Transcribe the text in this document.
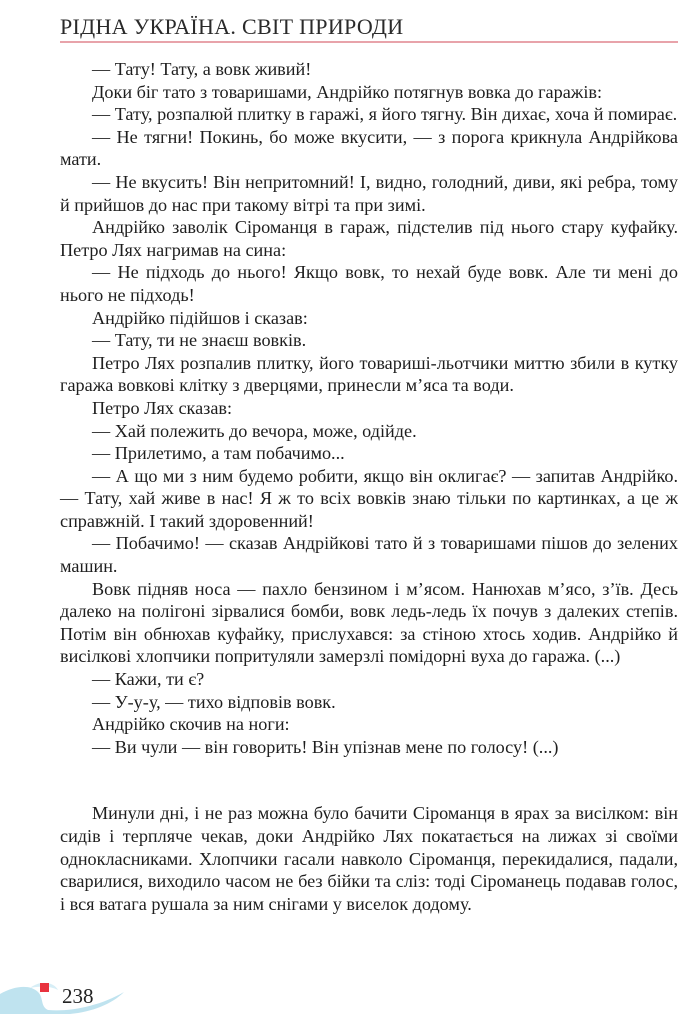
РІДНА УКРАЇНА. СВІТ ПРИРОДИ

— Тату! Тату, а вовк живий!

Доки біг тато з товаришами, Андрійко потягнув вовка до гаражів:

— Тату, розпалюй плитку в гаражі, я його тягну. Він дихає, хоча й помирає.

— Не тягни! Покинь, бо може вкусити, — з порога крикнула Андрійкова мати.

— Не вкусить! Він непритомний! І, видно, голодний, диви, які ребра, тому й прийшов до нас при такому вітрі та при зимі.

Андрійко заволік Сіроманця в гараж, підстелив під нього стару куфайку. Петро Лях нагримав на сина:

— Не підходь до нього! Якщо вовк, то нехай буде вовк. Але ти мені до нього не підходь!

Андрійко підійшов і сказав:

— Тату, ти не знаєш вовків.

Петро Лях розпалив плитку, його товариші-льотчики миттю збили в кутку гаража вовкові клітку з дверцями, принесли м’яса та води.

Петро Лях сказав:

— Хай полежить до вечора, може, одійде.

— Прилетимо, а там побачимо...

— А що ми з ним будемо робити, якщо він оклигає? — запитав Андрійко. — Тату, хай живе в нас! Я ж то всіх вовків знаю тільки по картинках, а це ж справжній. І такий здоровенний!

— Побачимо! — сказав Андрійкові тато й з товаришами пішов до зелених машин.

Вовк підняв носа — пахло бензином і м’ясом. Нанюхав м’ясо, з’їв. Десь далеко на полігоні зірвалися бомби, вовк ледь-ледь їх почув з далеких степів. Потім він обнюхав куфайку, прислухався: за стіною хтось ходив. Андрійко й висілкові хлопчики попритуляли замерзлі помідорні вуха до гаража. (...)

— Кажи, ти є?

— У-у-у, — тихо відповів вовк.

Андрійко скочив на ноги:

— Ви чули — він говорить! Він упізнав мене по голосу! (...)

Минули дні, і не раз можна було бачити Сіроманця в ярах за висілком: він сидів і терпляче чекав, доки Андрійко Лях покатається на лижах зі своїми однокласниками. Хлопчики гасали навколо Сіроманця, перекидалися, падали, сварилися, виходило часом не без бійки та сліз: тоді Сіроманець подавав голос, і вся ватага рушала за ним снігами у виселок додому.

238
